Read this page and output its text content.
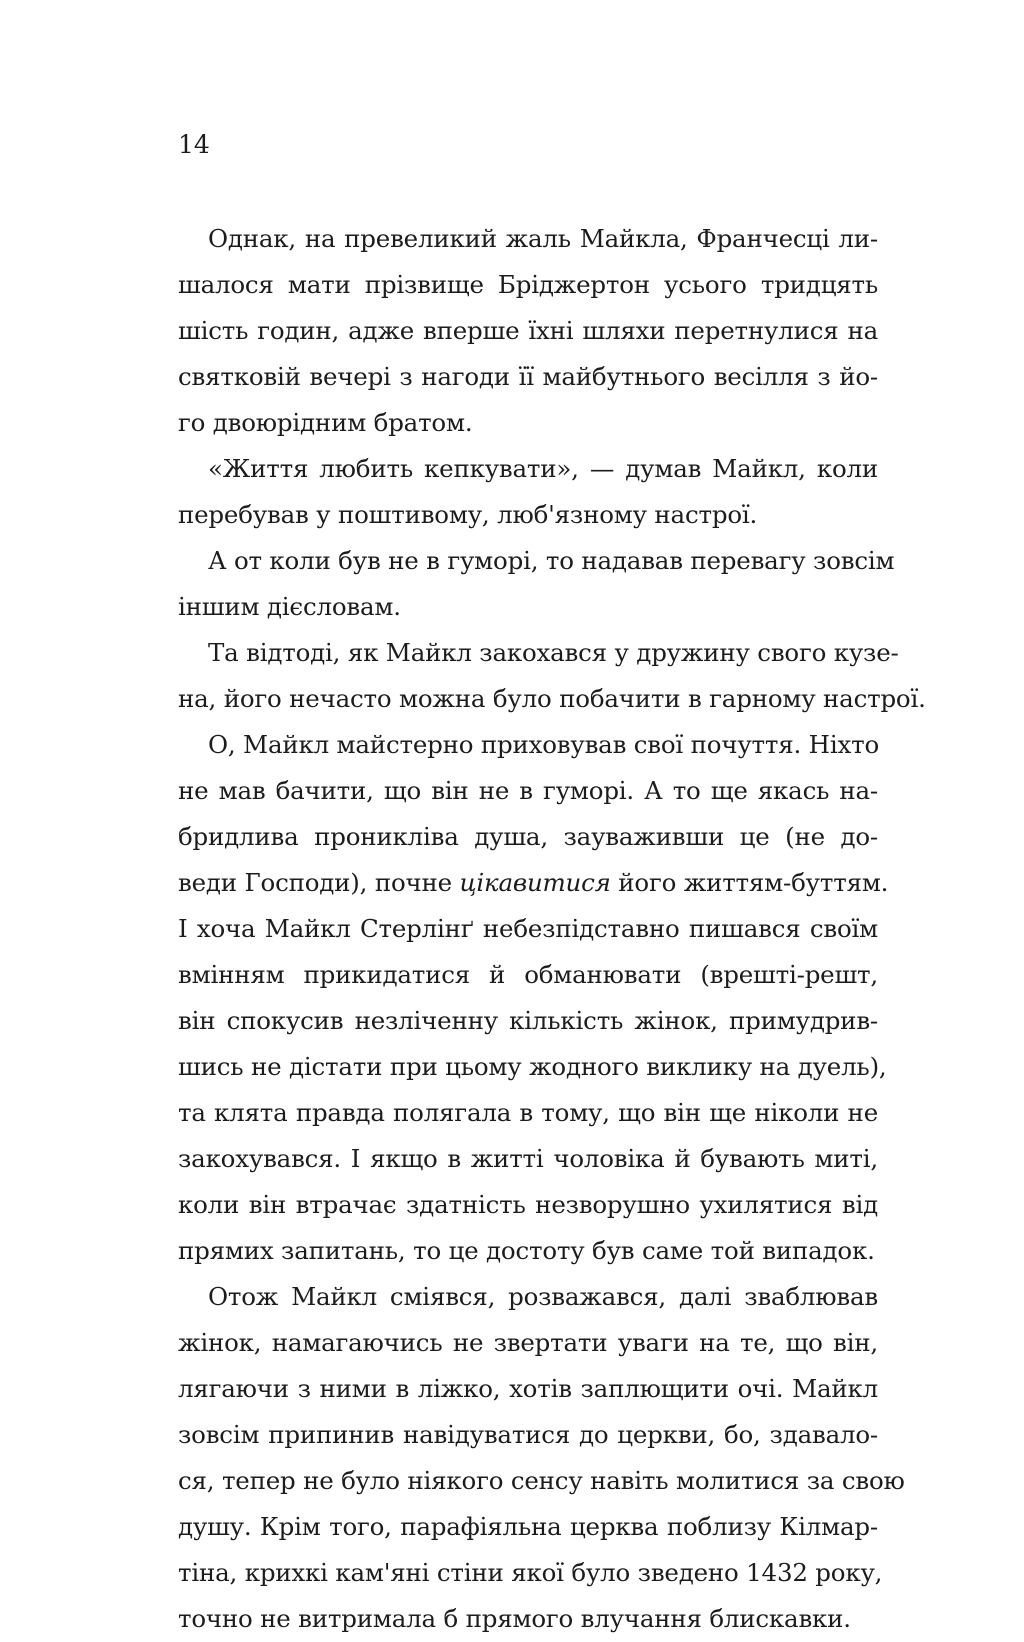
14
Однак, на превеликий жаль Майкла, Франчесці ли-
шалося мати прізвище Бріджертон усього тридцять
шість годин, адже вперше їхні шляхи перетнулися на
святковій вечері з нагоди її майбутнього весілля з йо-
го двоюрідним братом.
«Життя любить кепкувати», — думав Майкл, коли
перебував у поштивому, люб'язному настрої.
А от коли був не в гуморі, то надавав перевагу зовсім
іншим дієсловам.
Та відтоді, як Майкл закохався у дружину свого кузе-
на, його нечасто можна було побачити в гарному настрої.
О, Майкл майстерно приховував свої почуття. Ніхто
не мав бачити, що він не в гуморі. А то ще якась на-
бридлива проникліва душа, зауваживши це (не до-
веди Господи), почне цікавитися його життям-буттям.
І хоча Майкл Стерлінґ небезпідставно пишався своїм
вмінням прикидатися й обманювати (врешті-решт,
він спокусив незліченну кількість жінок, примудрив-
шись не дістати при цьому жодного виклику на дуель),
та клята правда полягала в тому, що він ще ніколи не
закохувався. І якщо в житті чоловіка й бувають миті,
коли він втрачає здатність незворушно ухилятися від
прямих запитань, то це достоту був саме той випадок.
Отож Майкл сміявся, розважався, далі зваблював
жінок, намагаючись не звертати уваги на те, що він,
лягаючи з ними в ліжко, хотів заплющити очі. Майкл
зовсім припинив навідуватися до церкви, бо, здавало-
ся, тепер не було ніякого сенсу навіть молитися за свою
душу. Крім того, парафіяльна церква поблизу Кілмар-
тіна, крихкі кам'яні стіни якої було зведено 1432 року,
точно не витримала б прямого влучання блискавки.
